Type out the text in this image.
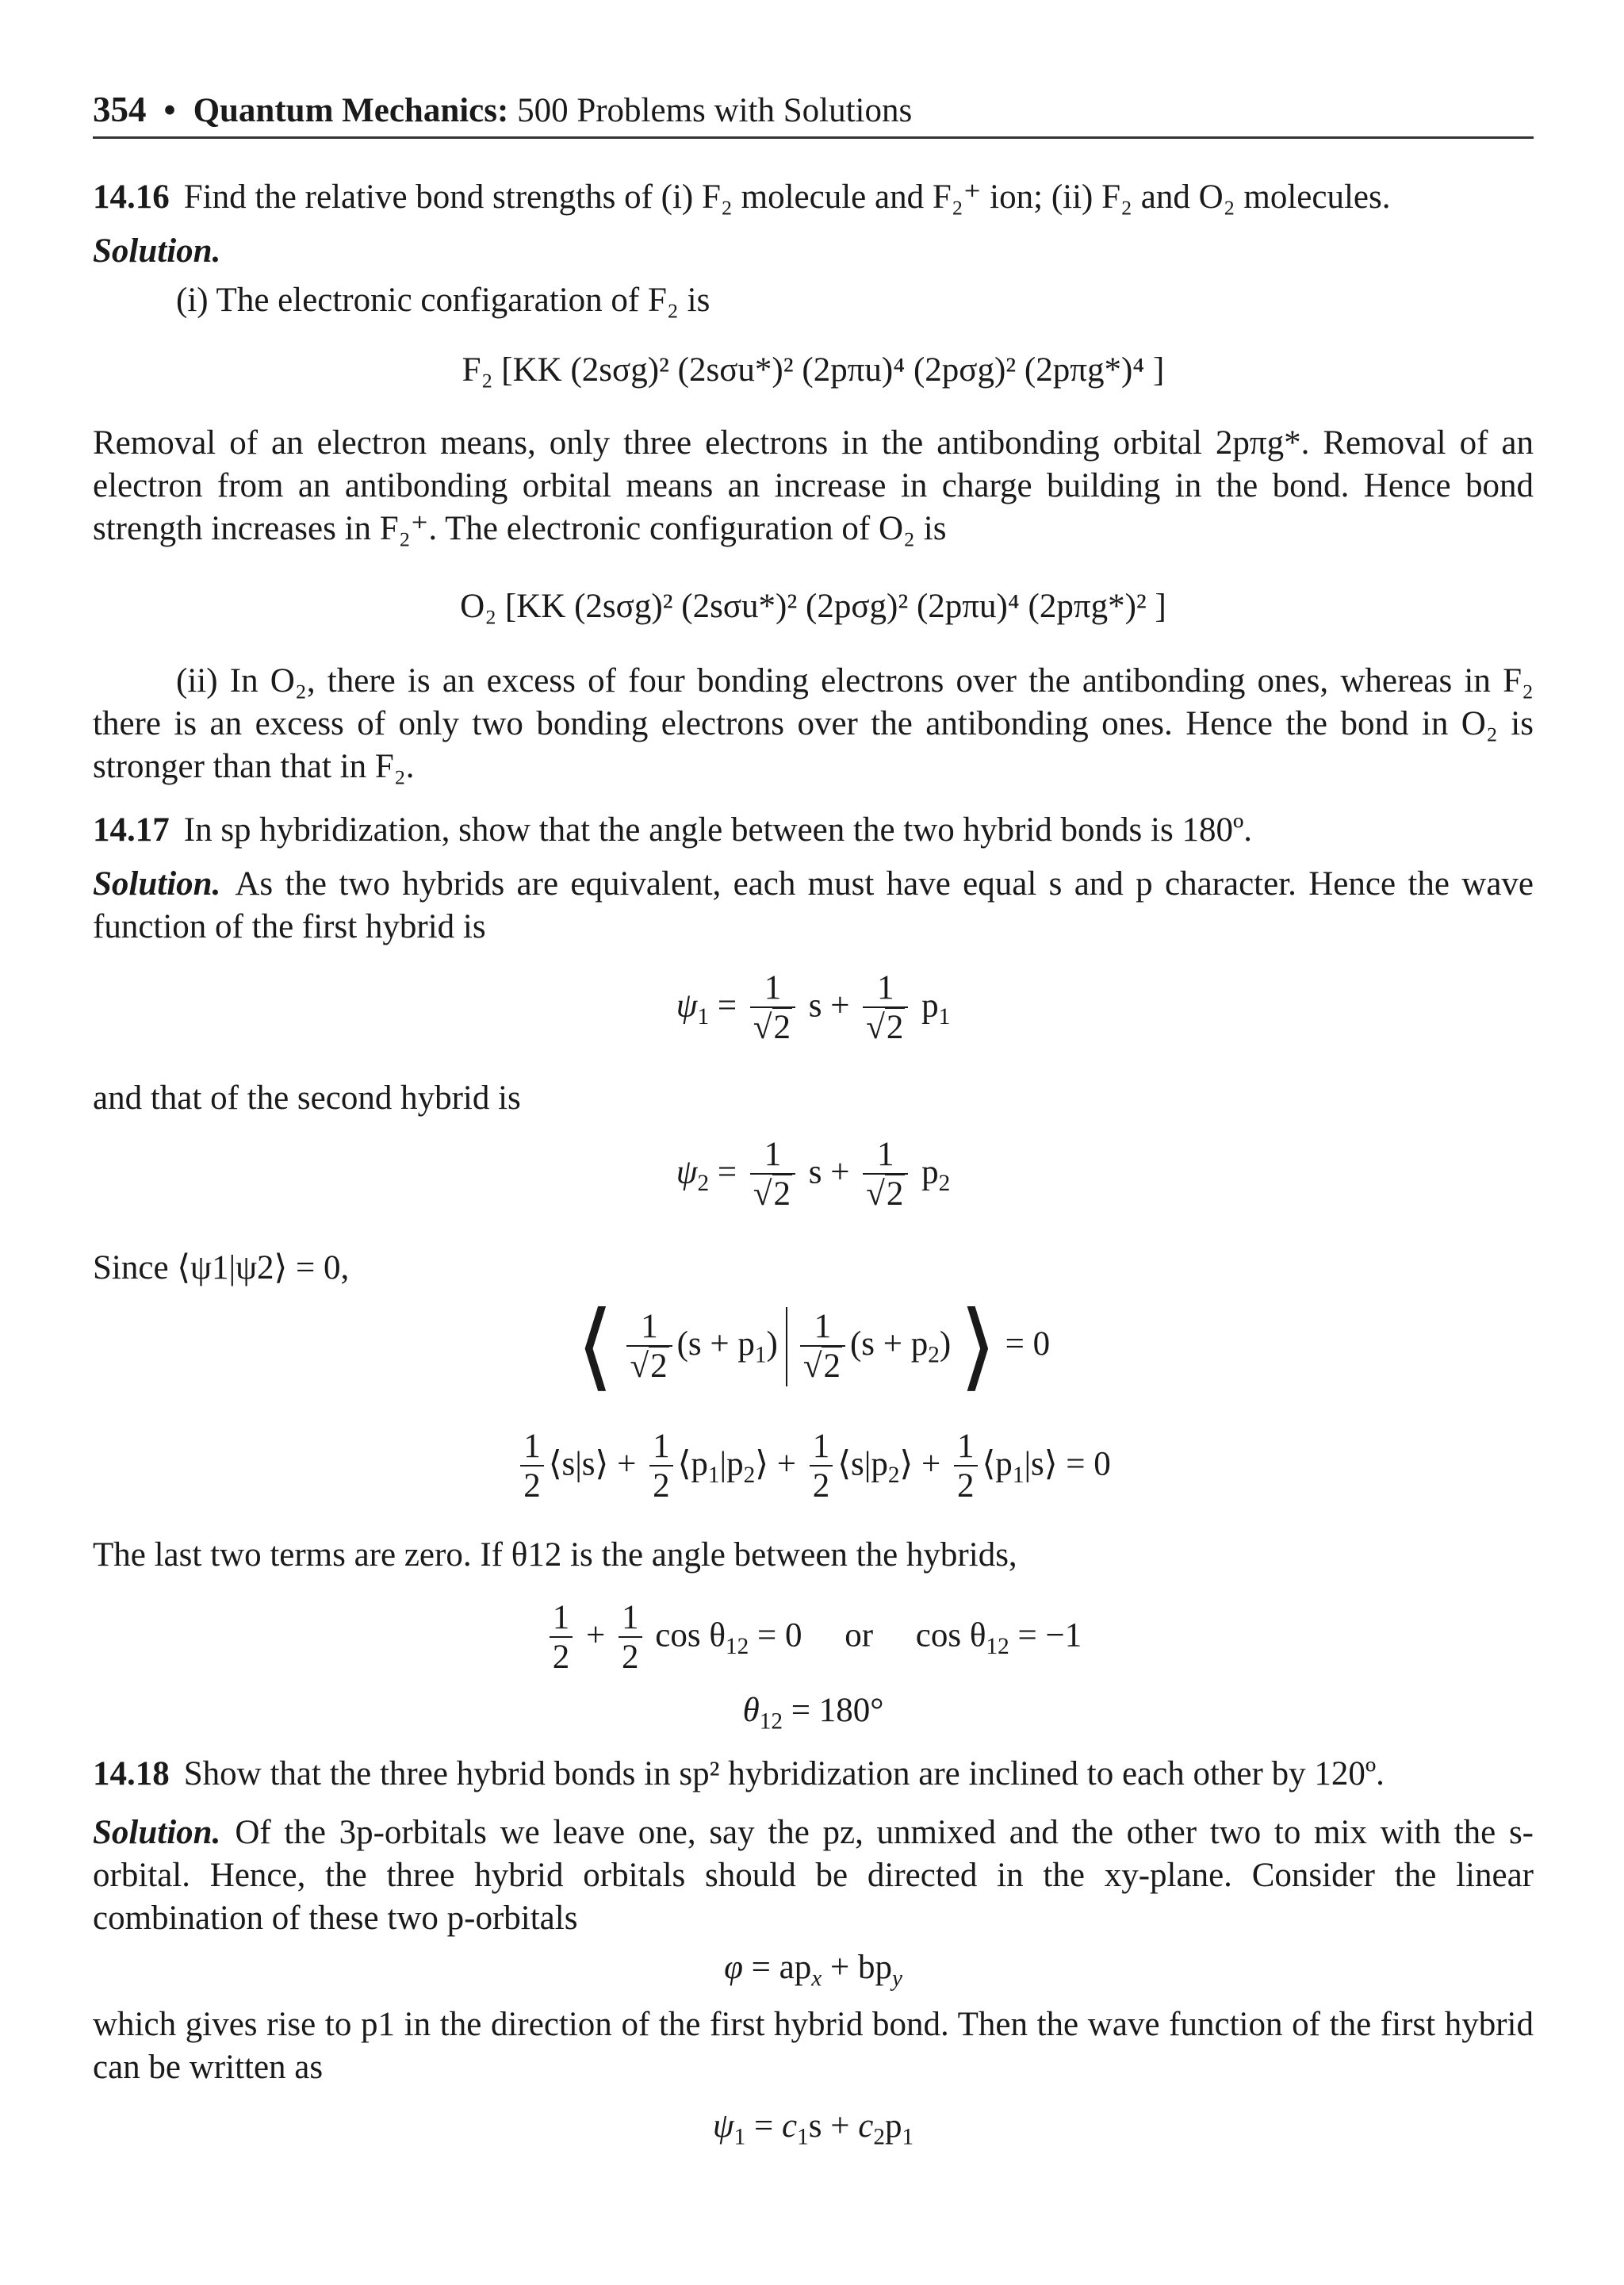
354 • Quantum Mechanics: 500 Problems with Solutions
14.16 Find the relative bond strengths of (i) F₂ molecule and F₂⁺ ion; (ii) F₂ and O₂ molecules.
Solution.
(i) The electronic configaration of F₂ is
F₂ [KK (2sσg)² (2sσu*)² (2pπu)⁴ (2pσg)² (2pπg*)⁴ ]
Removal of an electron means, only three electrons in the antibonding orbital 2pπg*. Removal of an electron from an antibonding orbital means an increase in charge building in the bond. Hence bond strength increases in F₂⁺. The electronic configuration of O₂ is
O₂ [KK (2sσg)² (2sσu*)² (2pσg)² (2pπu)⁴ (2pπg*)² ]
(ii) In O₂, there is an excess of four bonding electrons over the antibonding ones, whereas in F₂ there is an excess of only two bonding electrons over the antibonding ones. Hence the bond in O₂ is stronger than that in F₂.
14.17 In sp hybridization, show that the angle between the two hybrid bonds is 180º.
Solution. As the two hybrids are equivalent, each must have equal s and p character. Hence the wave function of the first hybrid is
$\psi_1 = \frac{1}{√2}$ $s + \frac{1}{√2} p_1$
and that of the second hybrid is
$\psi_2 = \frac{1}{√2}$ $s + \frac{1}{√2} p_2$
Since ⟨ψ1|ψ2⟩ = 0,
⟨ $\frac{1}{√2} (s + p_1) \frac{1}{√2} (s + p_2)$ ⟩ = 0
$\frac{1}{2}$ ⟨s|s⟩ + $\frac{1}{2}$ $⟨p_1|p_2⟩ + \frac{1}{2}$ $⟨s|p_2⟩ + \frac{1}{2}$ $⟨p_1|s⟩ = 0$
The last two terms are zero. If θ12 is the angle between the hybrids,
$\frac{1}{2} + \frac{1}{2}$ $\cos \theta_{12} = 0$     or     $\cos \theta_{12} = -1$
$\theta_{12} = 180^\circ$
14.18 Show that the three hybrid bonds in sp² hybridization are inclined to each other by 120º.
Solution. Of the 3p-orbitals we leave one, say the pz, unmixed and the other two to mix with the s-orbital. Hence, the three hybrid orbitals should be directed in the xy-plane. Consider the linear combination of these two p-orbitals
$\varphi = ap_x + bp_y$
which gives rise to p1 in the direction of the first hybrid bond. Then the wave function of the first hybrid can be written as
$\psi_1 = c_1s + c_2p_1$
